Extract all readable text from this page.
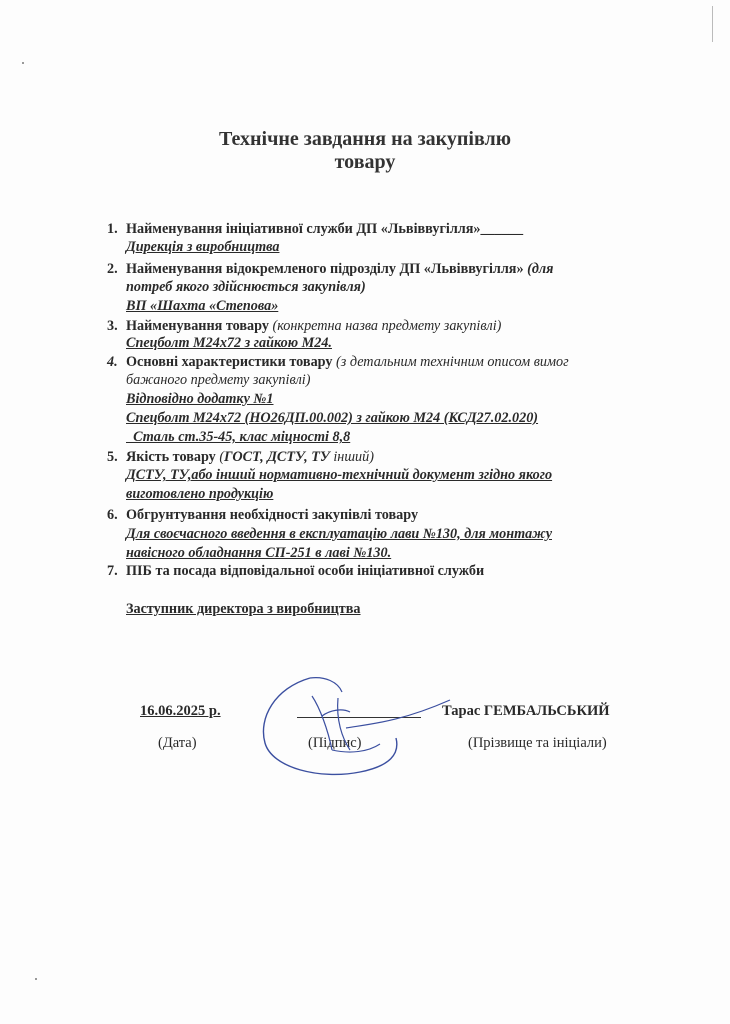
Технічне завдання на закупівлю
товару
1. Найменування ініціативної служби ДП «Львіввугілля»______
Дирекція з виробництва
2. Найменування відокремленого підрозділу ДП «Львіввугілля» (для
потреб якого здійснюється закупівля)
ВП «Шахта «Степова»
3. Найменування товару (конкретна назва предмету закупівлі)
Спецболт М24х72 з гайкою М24.
4. Основні характеристики товару (з детальним технічним описом вимог
бажаного предмету закупівлі)
Відповідно додатку №1
Спецболт М24х72 (НО26ДП.00.002) з гайкою М24 (КСД27.02.020)
Сталь ст.35-45, клас міцності 8,8
5. Якість товару (ГОСТ, ДСТУ, ТУ інший)
ДСТУ, ТУ,або інший нормативно-технічний документ згідно якого
виготовлено продукцію
6. Обгрунтування необхідності закупівлі товару
Для своєчасного введення в експлуатацію лави №130, для монтажу
навісного обладнання СП-251 в лаві №130.
7. ПІБ та посада відповідальної особи ініціативної служби
Заступник директора з виробництва
16.06.2025 р.
(Дата)	(Підпис)
Тарас ГЕМБАЛЬСЬКИЙ
(Прізвище та ініціали)
